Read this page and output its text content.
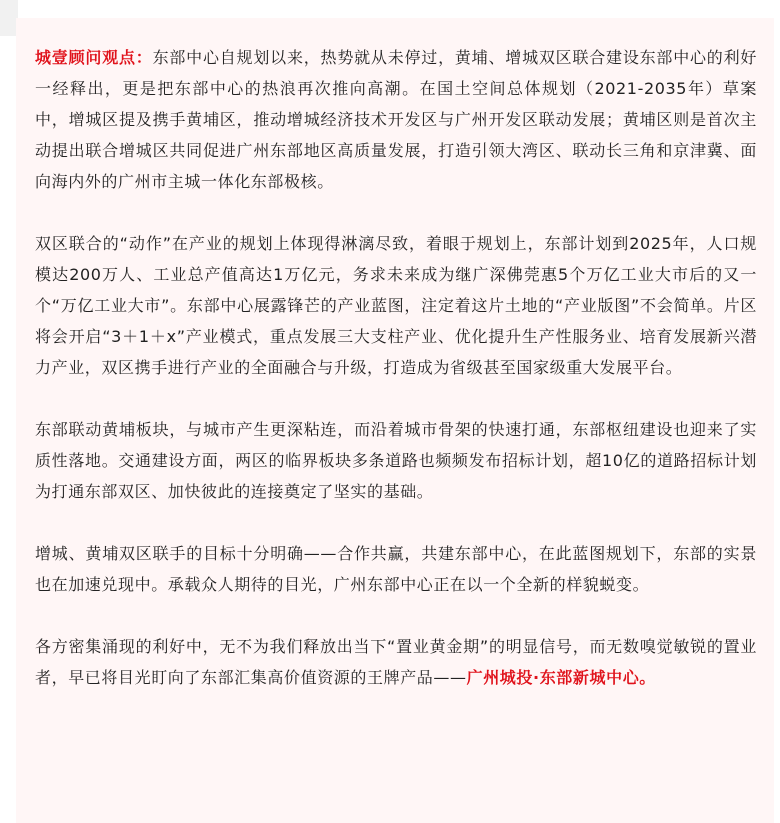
城壹顾问观点：东部中心自规划以来，热势就从未停过，黄埔、增城双区联合建设东部中心的利好一经释出，更是把东部中心的热浪再次推向高潮。在国土空间总体规划（2021-2035年）草案中，增城区提及携手黄埔区，推动增城经济技术开发区与广州开发区联动发展；黄埔区则是首次主动提出联合增城区共同促进广州东部地区高质量发展，打造引领大湾区、联动长三角和京津冀、面向海内外的广州市主城一体化东部极核。

双区联合的“动作”在产业的规划上体现得淋漓尽致，着眼于规划上，东部计划到2025年，人口规模达200万人、工业总产值高达1万亿元，务求未来成为继广深佛莞惠5个万亿工业大市后的又一个“万亿工业大市”。东部中心展露锋芒的产业蓝图，注定着这片土地的“产业版图”不会简单。片区将会开启“3＋1＋x”产业模式，重点发展三大支柱产业、优化提升生产性服务业、培育发展新兴潜力产业，双区携手进行产业的全面融合与升级，打造成为省级甚至国家级重大发展平台。

东部联动黄埔板块，与城市产生更深粘连，而沿着城市骨架的快速打通，东部枢纽建设也迎来了实质性落地。交通建设方面，两区的临界板块多条道路也频频发布招标计划，超10亿的道路招标计划为打通东部双区、加快彼此的连接奠定了坚实的基础。

增城、黄埔双区联手的目标十分明确——合作共赢，共建东部中心，在此蓝图规划下，东部的实景也在加速兑现中。承载众人期待的目光，广州东部中心正在以一个全新的样貌蜕变。

各方密集涌现的利好中，无不为我们释放出当下“置业黄金期”的明显信号，而无数嗅觉敏锐的置业者，早已将目光盯向了东部汇集高价值资源的王牌产品——广州城投·东部新城中心。
